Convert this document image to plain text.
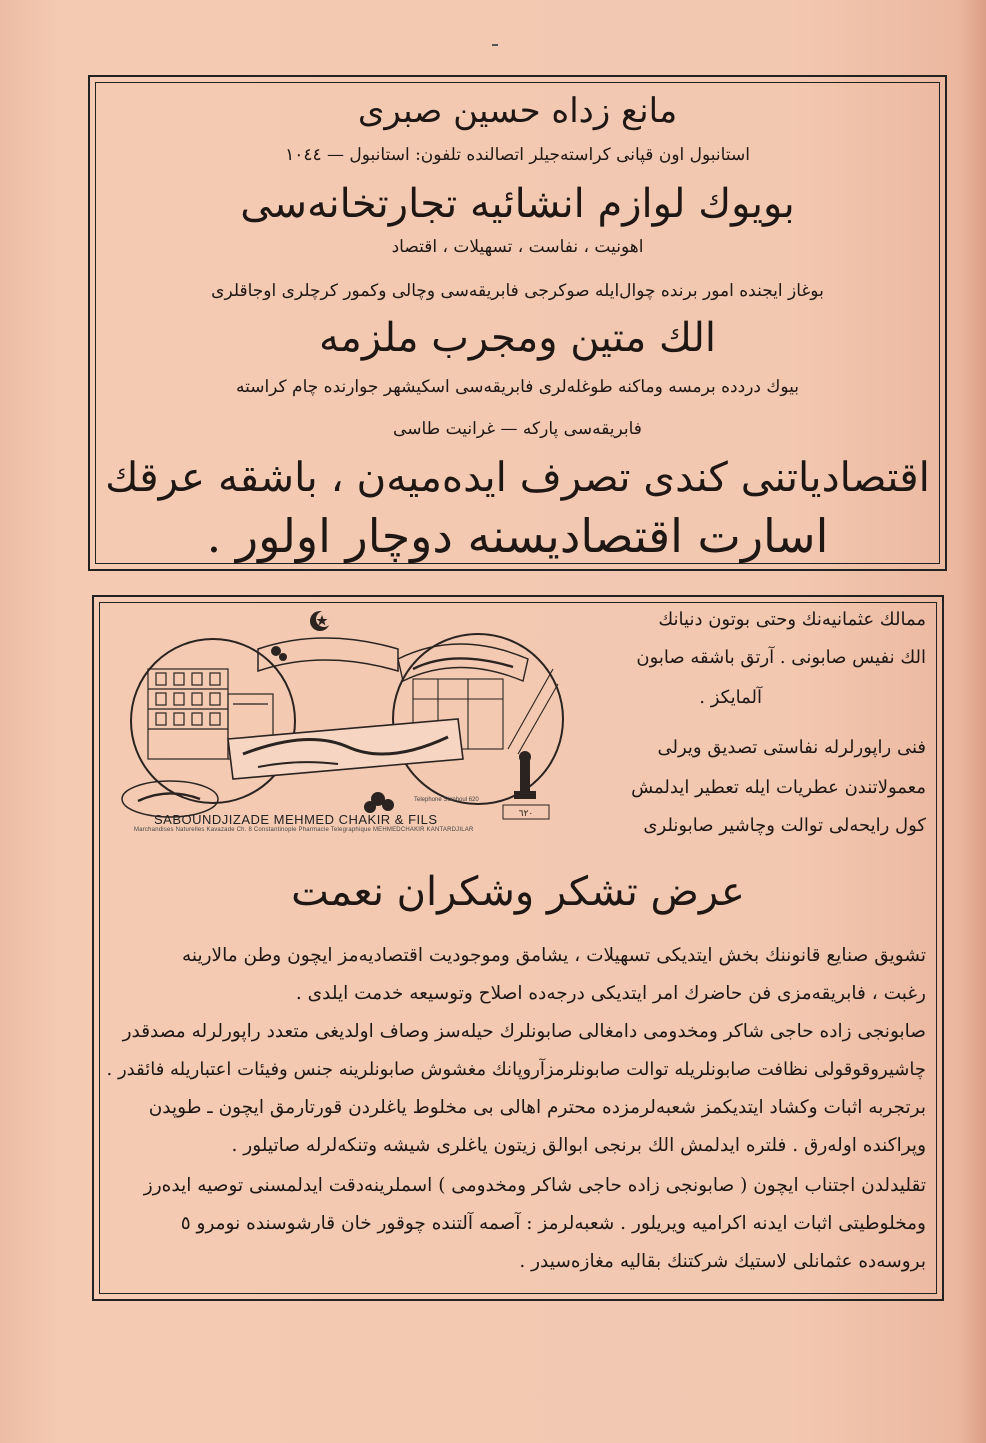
مانع زداه حسين صبرى
استانبول اون قپانى كراسته‌جيلر اتصالنده تلفون: استانبول — ١٠٤٤
بويوك لوازم انشائيه تجارتخانه‌سى
اهونيت ، نفاست ، تسهيلات ، اقتصاد
بوغاز ايجنده امور برنده چوال‌ايله صوكرجى فابريقه‌سى وچالى وكمور كرچلرى اوجاقلرى
الك متين ومجرب ملزمه
بيوك دردده برمسه وماكنه طوغله‌لرى فابريقه‌سى اسكيشهر جوارنده چام كراسته
فابريقه‌سى پاركه — غرانيت طاسى
اقتصادياتنى كندى تصرف ايده‌ميه‌ن ، باشقه عرقك
اسارت اقتصاديسنه دوچار اولور .
٦٢٠
SABOUNDJIZADE MEHMED CHAKIR & FILS
Marchandises Naturelles Kavazade Ch. 8 Constantinople Pharmacie Telegraphique MEHMEDCHAKIR KANTARDJILAR
Telephone Stanboul 620
ممالك عثمانيه‌نك وحتى بوتون دنيانك
الك نفيس صابونى . آرتق باشقه صابون
آلمايكز .
فنى راپورلرله نفاستى تصديق ويرلى
معمولاتندن عطريات ايله تعطير ايدلمش
كول رايحه‌لى توالت وچاشير صابونلرى
عرض تشكر وشكران نعمت
تشويق صنايع قانوننك بخش ايتديكى تسهيلات ، يشامق وموجوديت اقتصاديه‌مز ايچون وطن مالارينه
رغبت ، فابريقه‌مزى فن حاضرك امر ايتديكى درجه‌ده اصلاح وتوسيعه خدمت ايلدى .
صابونجى زاده حاجى شاكر ومخدومى دامغالى صابونلرك حيله‌سز وصاف اولديغى متعدد راپورلرله مصدقدر
چاشيروقوقولى نظافت صابونلريله توالت صابونلرمزآروپانك مغشوش صابونلرينه جنس وفيئات اعتباريله فائقدر .
برتجربه اثبات وكشاد ايتديكمز شعبه‌لرمزده محترم اهالى بى مخلوط ياغلردن قورتارمق ايچون ـ طوپدن
وپراكنده اوله‌رق . فلتره ايدلمش الك برنجى ابوالق زيتون ياغلرى شيشه وتنكه‌لرله صاتيلور .
تقليدلدن اجتناب ايچون ( صابونجى زاده حاجى شاكر ومخدومى ) اسملرينه‌دقت ايدلمسنى توصيه ايده‌رز
ومخلوطيتى اثبات ايدنه اكراميه ويريلور . شعبه‌لرمز : آصمه آلتنده چوقور خان قارشوسنده نومرو ٥
بروسه‌ده عثمانلى لاستيك شركتنك بقاليه مغازه‌سيدر .
